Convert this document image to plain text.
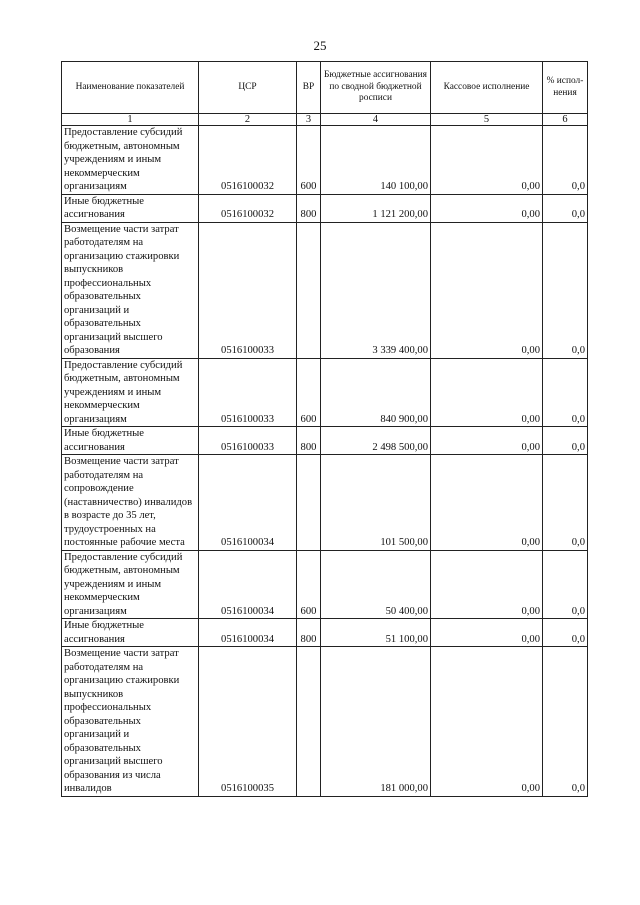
25
Наименование показателей	ЦСР	ВР	Бюджетные ассигнования по сводной бюджетной росписи	Кассовое исполнение	% испол-нения
1	2	3	4	5	6
Предоставление субсидий бюджетным, автономным учреждениям и иным некоммерческим организациям	0516100032	600	140 100,00	0,00	0,0
Иные бюджетные ассигнования	0516100032	800	1 121 200,00	0,00	0,0
Возмещение части затрат работодателям на организацию стажировки выпускников профессиональных образовательных организаций и образовательных организаций высшего образования	0516100033		3 339 400,00	0,00	0,0
Предоставление субсидий бюджетным, автономным учреждениям и иным некоммерческим организациям	0516100033	600	840 900,00	0,00	0,0
Иные бюджетные ассигнования	0516100033	800	2 498 500,00	0,00	0,0
Возмещение части затрат работодателям на сопровождение (наставничество) инвалидов в возрасте до 35 лет, трудоустроенных на постоянные рабочие места	0516100034		101 500,00	0,00	0,0
Предоставление субсидий бюджетным, автономным учреждениям и иным некоммерческим организациям	0516100034	600	50 400,00	0,00	0,0
Иные бюджетные ассигнования	0516100034	800	51 100,00	0,00	0,0
Возмещение части затрат работодателям на организацию стажировки выпускников профессиональных образовательных организаций и образовательных организаций высшего образования из числа инвалидов	0516100035		181 000,00	0,00	0,0
